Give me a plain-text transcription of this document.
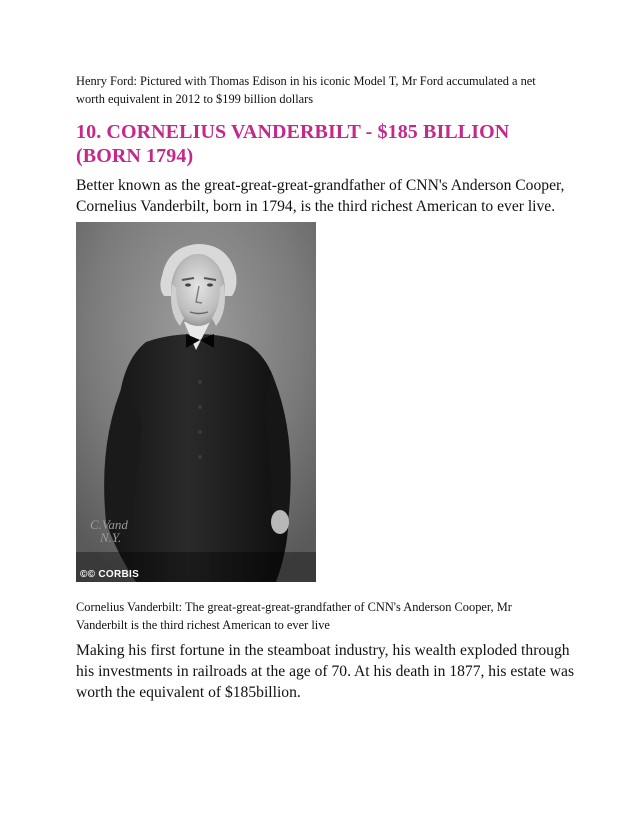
Henry Ford: Pictured with Thomas Edison in his iconic Model T, Mr Ford accumulated a net worth equivalent in 2012 to $199 billion dollars

10. CORNELIUS VANDERBILT - $185 BILLION (BORN 1794)

Better known as the great-great-great-grandfather of CNN's Anderson Cooper, Cornelius Vanderbilt, born in 1794, is the third richest American to ever live.

C.Vand
N.Y.
©© CORBIS

Cornelius Vanderbilt: The great-great-great-grandfather of CNN's Anderson Cooper, Mr Vanderbilt is the third richest American to ever live

Making his first fortune in the steamboat industry, his wealth exploded through his investments in railroads at the age of 70. At his death in 1877, his estate was worth the equivalent of $185billion.
